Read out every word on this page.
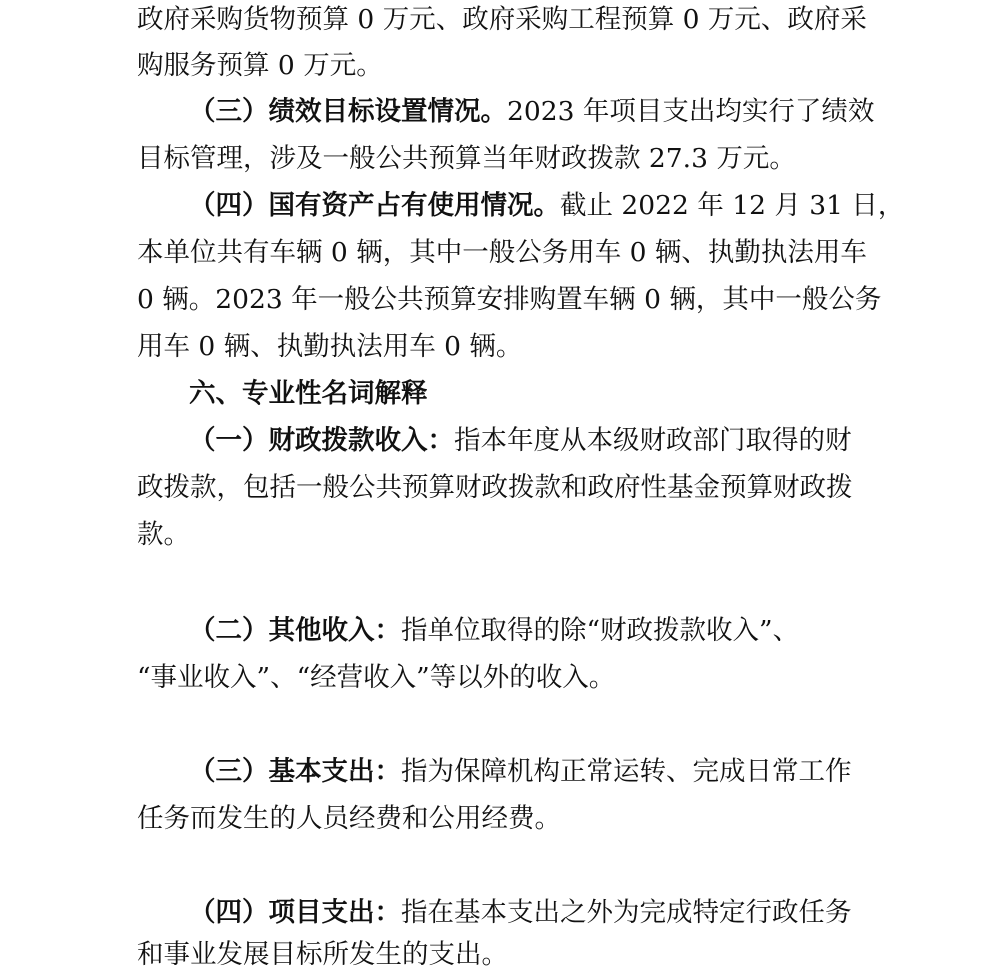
政府采购货物预算 0 万元、政府采购工程预算 0 万元、政府采
购服务预算 0 万元。
（三）绩效目标设置情况。2023 年项目支出均实行了绩效
目标管理，涉及一般公共预算当年财政拨款 27.3 万元。
（四）国有资产占有使用情况。截止 2022 年 12 月 31 日，
本单位共有车辆 0 辆，其中一般公务用车 0 辆、执勤执法用车
0 辆。2023 年一般公共预算安排购置车辆 0 辆，其中一般公务
用车 0 辆、执勤执法用车 0 辆。
六、专业性名词解释
（一）财政拨款收入：指本年度从本级财政部门取得的财
政拨款，包括一般公共预算财政拨款和政府性基金预算财政拨
款。
（二）其他收入：指单位取得的除“财政拨款收入”、
“事业收入”、“经营收入”等以外的收入。
（三）基本支出：指为保障机构正常运转、完成日常工作
任务而发生的人员经费和公用经费。
（四）项目支出：指在基本支出之外为完成特定行政任务
和事业发展目标所发生的支出。
